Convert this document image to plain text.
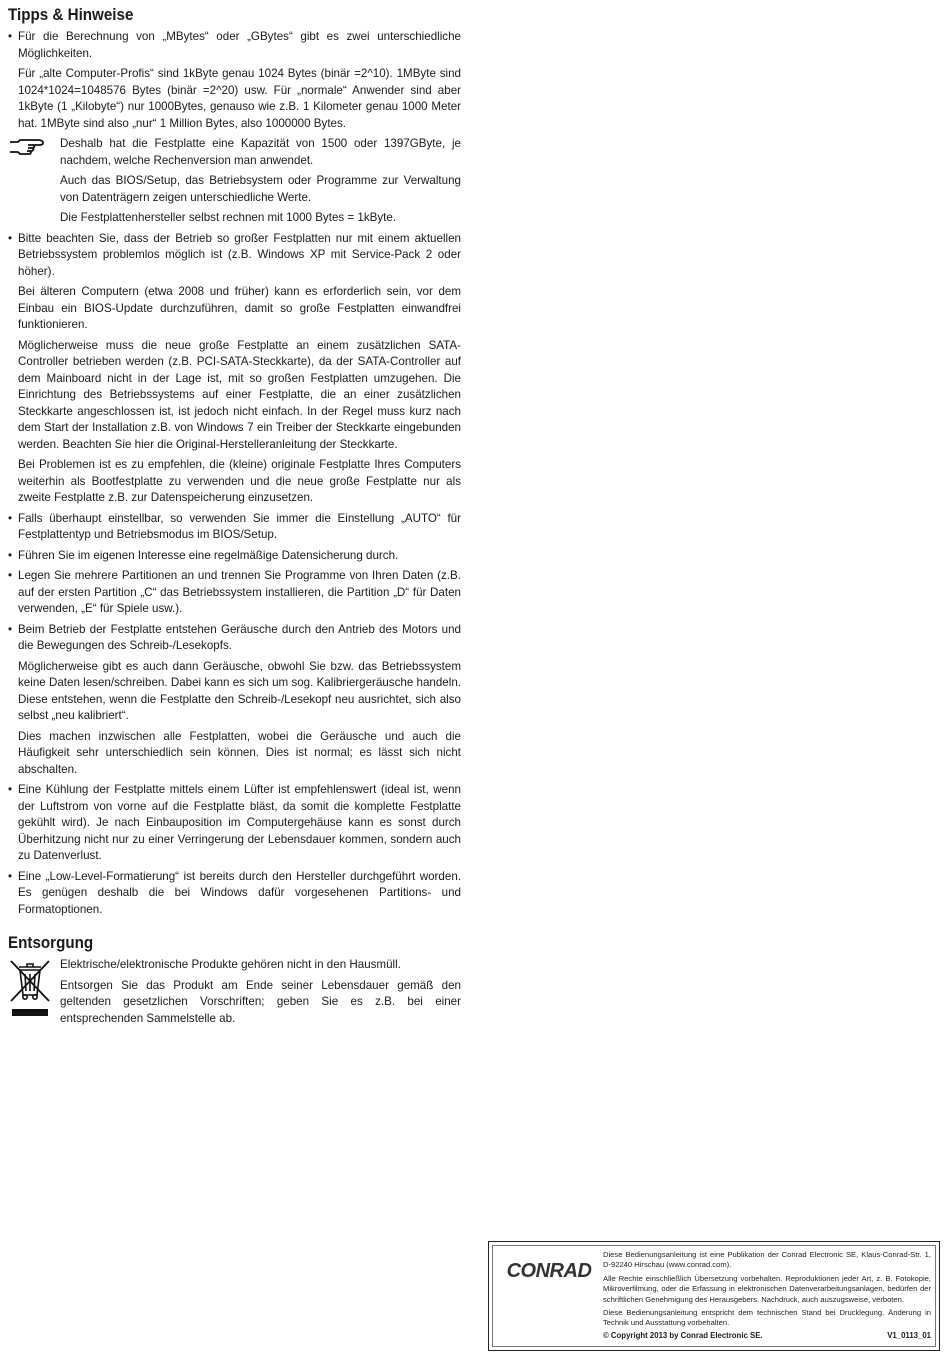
Tipps & Hinweise

• Für die Berechnung von „MBytes“ oder „GBytes“ gibt es zwei unterschiedliche Möglichkeiten.

Für „alte Computer-Profis“ sind 1kByte genau 1024 Bytes (binär =2^10). 1MByte sind 1024*1024=1048576 Bytes (binär =2^20) usw. Für „normale“ Anwender sind aber 1kByte (1 „Kilobyte“) nur 1000Bytes, genauso wie z.B. 1 Kilometer genau 1000 Meter hat. 1MByte sind also „nur“ 1 Million Bytes, also 1000000 Bytes.

Deshalb hat die Festplatte eine Kapazität von 1500 oder 1397GByte, je nachdem, welche Rechenversion man anwendet.

Auch das BIOS/Setup, das Betriebsystem oder Programme zur Verwaltung von Datenträgern zeigen unterschiedliche Werte.

Die Festplattenhersteller selbst rechnen mit 1000 Bytes = 1kByte.

• Bitte beachten Sie, dass der Betrieb so großer Festplatten nur mit einem aktuellen Betriebssystem problemlos möglich ist (z.B. Windows XP mit Service-Pack 2 oder höher).

Bei älteren Computern (etwa 2008 und früher) kann es erforderlich sein, vor dem Einbau ein BIOS-Update durchzuführen, damit so große Festplatten einwandfrei funktionieren.

Möglicherweise muss die neue große Festplatte an einem zusätzlichen SATA-Controller betrieben werden (z.B. PCI-SATA-Steckkarte), da der SATA-Controller auf dem Mainboard nicht in der Lage ist, mit so großen Festplatten umzugehen. Die Einrichtung des Betriebssystems auf einer Festplatte, die an einer zusätzlichen Steckkarte angeschlossen ist, ist jedoch nicht einfach. In der Regel muss kurz nach dem Start der Installation z.B. von Windows 7 ein Treiber der Steckkarte eingebunden werden. Beachten Sie hier die Original-Herstelleranleitung der Steckkarte.

Bei Problemen ist es zu empfehlen, die (kleine) originale Festplatte Ihres Computers weiterhin als Bootfestplatte zu verwenden und die neue große Festplatte nur als zweite Festplatte z.B. zur Datenspeicherung einzusetzen.

• Falls überhaupt einstellbar, so verwenden Sie immer die Einstellung „AUTO“ für Festplattentyp und Betriebsmodus im BIOS/Setup.

• Führen Sie im eigenen Interesse eine regelmäßige Datensicherung durch.

• Legen Sie mehrere Partitionen an und trennen Sie Programme von Ihren Daten (z.B. auf der ersten Partition „C“ das Betriebssystem installieren, die Partition „D“ für Daten verwenden, „E“ für Spiele usw.).

• Beim Betrieb der Festplatte entstehen Geräusche durch den Antrieb des Motors und die Bewegungen des Schreib-/Lesekopfs.

Möglicherweise gibt es auch dann Geräusche, obwohl Sie bzw. das Betriebssystem keine Daten lesen/schreiben. Dabei kann es sich um sog. Kalibriergeräusche handeln. Diese entstehen, wenn die Festplatte den Schreib-/Lesekopf neu ausrichtet, sich also selbst „neu kalibriert“.

Dies machen inzwischen alle Festplatten, wobei die Geräusche und auch die Häufigkeit sehr unterschiedlich sein können. Dies ist normal; es lässt sich nicht abschalten.

• Eine Kühlung der Festplatte mittels einem Lüfter ist empfehlenswert (ideal ist, wenn der Luftstrom von vorne auf die Festplatte bläst, da somit die komplette Festplatte gekühlt wird). Je nach Einbauposition im Computergehäuse kann es sonst durch Überhitzung nicht nur zu einer Verringerung der Lebensdauer kommen, sondern auch zu Datenverlust.

• Eine „Low-Level-Formatierung“ ist bereits durch den Hersteller durchgeführt worden. Es genügen deshalb die bei Windows dafür vorgesehenen Partitions- und Formatoptionen.

Entsorgung

Elektrische/elektronische Produkte gehören nicht in den Hausmüll.

Entsorgen Sie das Produkt am Ende seiner Lebensdauer gemäß den geltenden gesetzlichen Vorschriften; geben Sie es z.B. bei einer entsprechenden Sammelstelle ab.

CONRAD

Diese Bedienungsanleitung ist eine Publikation der Conrad Electronic SE, Klaus-Conrad-Str. 1, D-92240 Hirschau (www.conrad.com).

Alle Rechte einschließlich Übersetzung vorbehalten. Reproduktionen jeder Art, z. B. Fotokopie, Mikroverfilmung, oder die Erfassung in elektronischen Datenverarbeitungsanlagen, bedürfen der schriftlichen Genehmigung des Herausgebers. Nachdruck, auch auszugsweise, verboten.

Diese Bedienungsanleitung entspricht dem technischen Stand bei Drucklegung. Änderung in Technik und Ausstattung vorbehalten.

© Copyright 2013 by Conrad Electronic SE.	V1_0113_01
